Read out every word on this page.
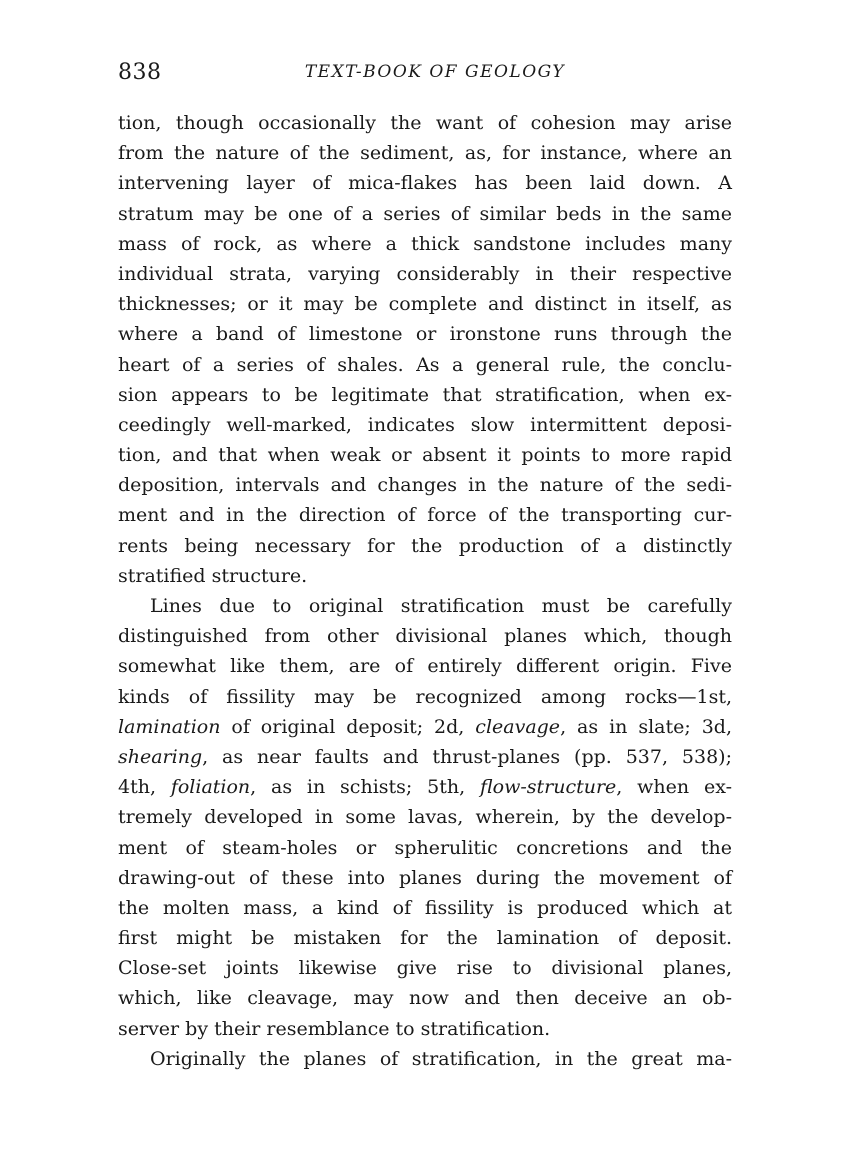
838	TEXT-BOOK OF GEOLOGY
tion, though occasionally the want of cohesion may arise
from the nature of the sediment, as, for instance, where an
intervening layer of mica-flakes has been laid down. A
stratum may be one of a series of similar beds in the same
mass of rock, as where a thick sandstone includes many
individual strata, varying considerably in their respective
thicknesses; or it may be complete and distinct in itself, as
where a band of limestone or ironstone runs through the
heart of a series of shales. As a general rule, the conclu-
sion appears to be legitimate that stratification, when ex-
ceedingly well-marked, indicates slow intermittent deposi-
tion, and that when weak or absent it points to more rapid
deposition, intervals and changes in the nature of the sedi-
ment and in the direction of force of the transporting cur-
rents being necessary for the production of a distinctly
stratified structure.
Lines due to original stratification must be carefully
distinguished from other divisional planes which, though
somewhat like them, are of entirely different origin. Five
kinds of fissility may be recognized among rocks—1st,
lamination of original deposit; 2d, cleavage, as in slate; 3d,
shearing, as near faults and thrust-planes (pp. 537, 538);
4th, foliation, as in schists; 5th, flow-structure, when ex-
tremely developed in some lavas, wherein, by the develop-
ment of steam-holes or spherulitic concretions and the
drawing-out of these into planes during the movement of
the molten mass, a kind of fissility is produced which at
first might be mistaken for the lamination of deposit.
Close-set joints likewise give rise to divisional planes,
which, like cleavage, may now and then deceive an ob-
server by their resemblance to stratification.
Originally the planes of stratification, in the great ma-
